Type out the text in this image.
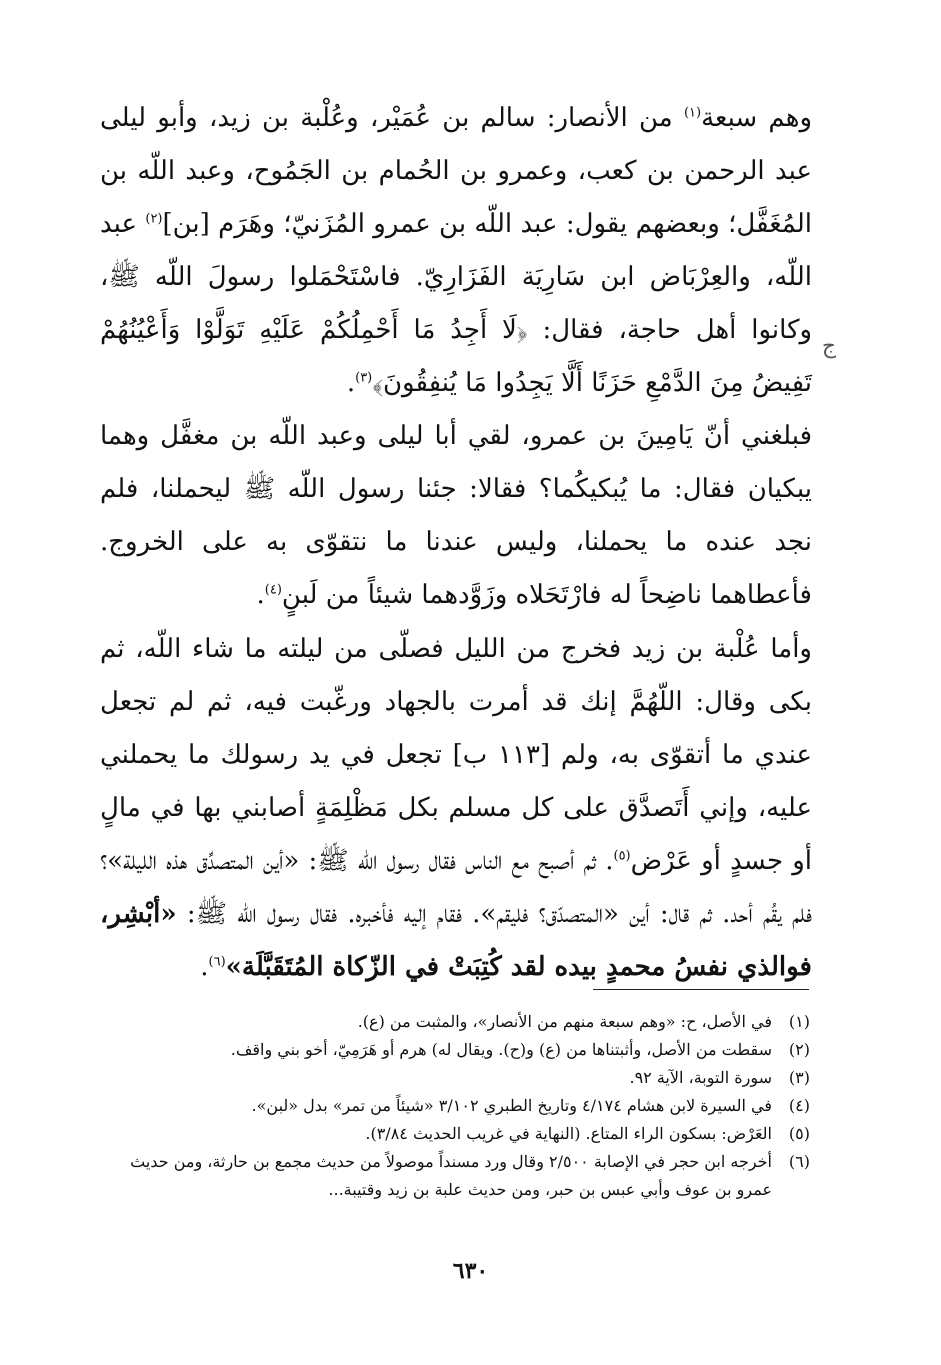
وهم سبعة$^{(١)}$ من الأنصار: سالم بن عُمَيْر، وعُلْبة بن زيد، وأبو ليلى عبد الرحمن بن كعب، وعمرو بن الحُمام بن الجَمُوح، وعبد اللّه بن المُغَفَّل؛ وبعضهم يقول: عبد اللّه بن عمرو المُزَنيّ؛ وهَرَم [بن]$^{(٢)}$ عبد اللّه، والعِرْبَاض ابن سَارِيَة الفَزَارِيّ. فاسْتَحْمَلوا رسولَ اللّه ﷺ، وكانوا أهل حاجة، فقال: ﴿لَا أَجِدُ مَا أَحْمِلُكُمْ عَلَيْهِ تَوَلَّوْا وَأَعْيُنُهُمْ تَفِيضُ مِنَ الدَّمْعِ حَزَنًا أَلَّا يَجِدُوا مَا يُنفِقُونَ﴾$^{(٣)}$.

ج

فبلغني أنّ يَامِينَ بن عمرو، لقي أبا ليلى وعبد اللّه بن مغفَّل وهما يبكيان فقال: ما يُبكيكُما؟ فقالا: جئنا رسول اللّه ﷺ ليحملنا، فلم نجد عنده ما يحملنا، وليس عندنا ما نتقوّى به على الخروج. فأعطاهما ناضِحاً له فارْتَحَلاه وزَوَّدهما شيئاً من لَبنٍ$^{(٤)}$.

وأما عُلْبة بن زيد فخرج من الليل فصلّى من ليلته ما شاء اللّه، ثم بكى وقال: اللّهُمَّ إنك قد أمرت بالجهاد ورغّبت فيه، ثم لم تجعل عندي ما أتقوّى به، ولم [١١٣ ب] تجعل في يد رسولك ما يحملني عليه، وإني أَتَصدَّق على كل مسلم بكل مَظْلِمَةٍ أصابني بها في مالٍ أو جسدٍ أو عَرْض$^{(٥)}$. ثم أصبح مع الناس فقال رسول اللّه ﷺ: «أين المتصدِّق هذه الليلة»؟فلم يقُم أحد. ثم قال: أين «المتصدّق؟ فليقم». فقام إليه فأخبره. فقال رسول اللّه ﷺ: «أبْشِر، فوالذي نفسُ محمدٍ بيده لقد كُتِبَتْ في الزّكاة المُتَقَبَّلَة»$^{(٦)}$.

(١)
في الأصل، ح: «وهم سبعة منهم من الأنصار»، والمثبت من (ع).
(٢)
سقطت من الأصل، وأثبتناها من (ع) و(ح). ويقال له) هرم أو هَرَمِيّ، أخو بني واقف.
(٣)
سورة التوبة، الآية ٩٢.
(٤)
في السيرة لابن هشام ٤/١٧٤ وتاريخ الطبري ٣/١٠٢ «شيئاً من تمر» بدل «لبن».
(٥)
العَرْض: بسكون الراء المتاع. (النهاية في غريب الحديث ٣/٨٤).
(٦)
أخرجه ابن حجر في الإصابة ٢/٥٠٠ وقال ورد مسنداً موصولاً من حديث مجمع بن حارثة، ومن حديث عمرو بن عوف وأبي عبس بن حبر، ومن حديث علبة بن زيد وقتيبة...
٦٣٠
